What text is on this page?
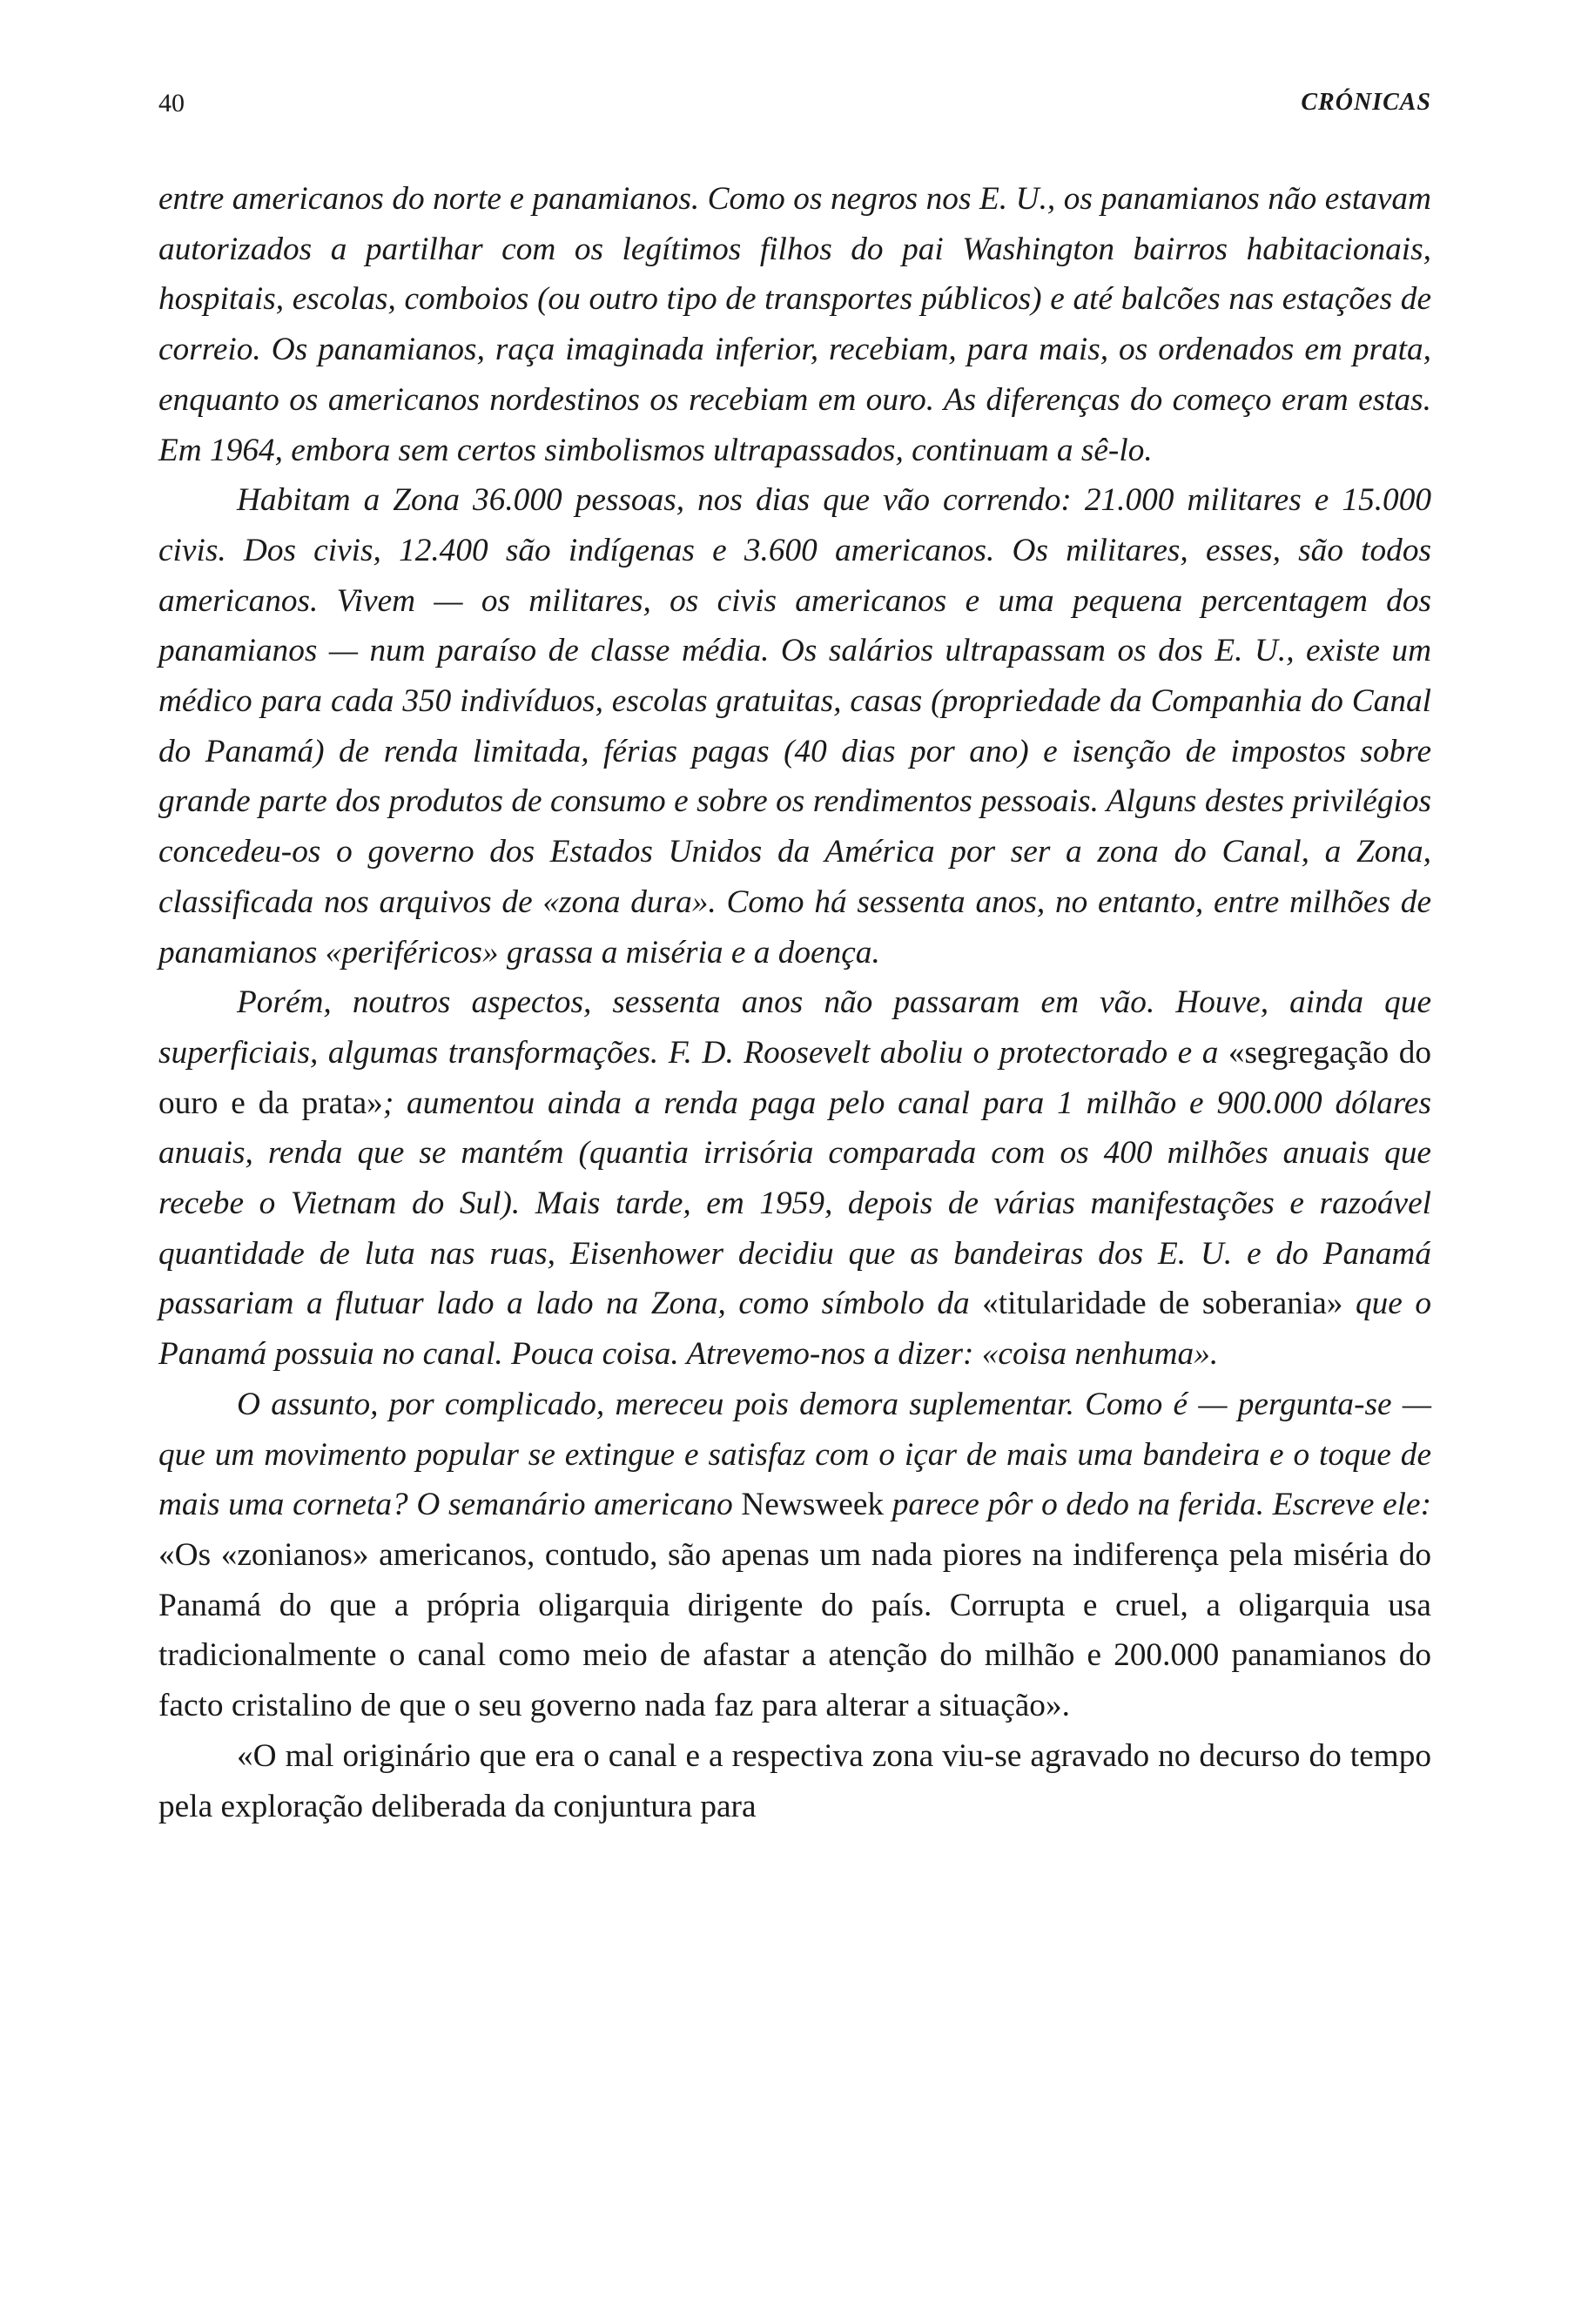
40	CRÓNICAS

entre americanos do norte e panamianos. Como os negros nos E. U., os panamianos não estavam autorizados a partilhar com os legítimos filhos do pai Washington bairros habitacionais, hospitais, escolas, comboios (ou outro tipo de transportes públicos) e até balcões nas estações de correio. Os panamianos, raça imaginada inferior, recebiam, para mais, os ordenados em prata, enquanto os americanos nordestinos os recebiam em ouro. As diferenças do começo eram estas. Em 1964, embora sem certos simbolismos ultrapassados, continuam a sê-lo.

Habitam a Zona 36.000 pessoas, nos dias que vão correndo: 21.000 militares e 15.000 civis. Dos civis, 12.400 são indígenas e 3.600 americanos. Os militares, esses, são todos americanos. Vivem — os militares, os civis americanos e uma pequena percentagem dos panamianos — num paraíso de classe média. Os salários ultrapassam os dos E. U., existe um médico para cada 350 indivíduos, escolas gratuitas, casas (propriedade da Companhia do Canal do Panamá) de renda limitada, férias pagas (40 dias por ano) e isenção de impostos sobre grande parte dos produtos de consumo e sobre os rendimentos pessoais. Alguns destes privilégios concedeu-os o governo dos Estados Unidos da América por ser a zona do Canal, a Zona, classificada nos arquivos de «zona dura». Como há sessenta anos, no entanto, entre milhões de panamianos «periféricos» grassa a miséria e a doença.

Porém, noutros aspectos, sessenta anos não passaram em vão. Houve, ainda que superficiais, algumas transformações. F. D. Roosevelt aboliu o protectorado e a «segregação do ouro e da prata»; aumentou ainda a renda paga pelo canal para 1 milhão e 900.000 dólares anuais, renda que se mantém (quantia irrisória comparada com os 400 milhões anuais que recebe o Vietnam do Sul). Mais tarde, em 1959, depois de várias manifestações e razoável quantidade de luta nas ruas, Eisenhower decidiu que as bandeiras dos E. U. e do Panamá passariam a flutuar lado a lado na Zona, como símbolo da «titularidade de soberania» que o Panamá possuia no canal. Pouca coisa. Atrevemo-nos a dizer: «coisa nenhuma».

O assunto, por complicado, mereceu pois demora suplementar. Como é — pergunta-se — que um movimento popular se extingue e satisfaz com o içar de mais uma bandeira e o toque de mais uma corneta? O semanário americano Newsweek parece pôr o dedo na ferida. Escreve ele: «Os «zonianos» americanos, contudo, são apenas um nada piores na indiferença pela miséria do Panamá do que a própria oligarquia dirigente do país. Corrupta e cruel, a oligarquia usa tradicionalmente o canal como meio de afastar a atenção do milhão e 200.000 panamianos do facto cristalino de que o seu governo nada faz para alterar a situação».

«O mal originário que era o canal e a respectiva zona viu-se agravado no decurso do tempo pela exploração deliberada da conjuntura para
